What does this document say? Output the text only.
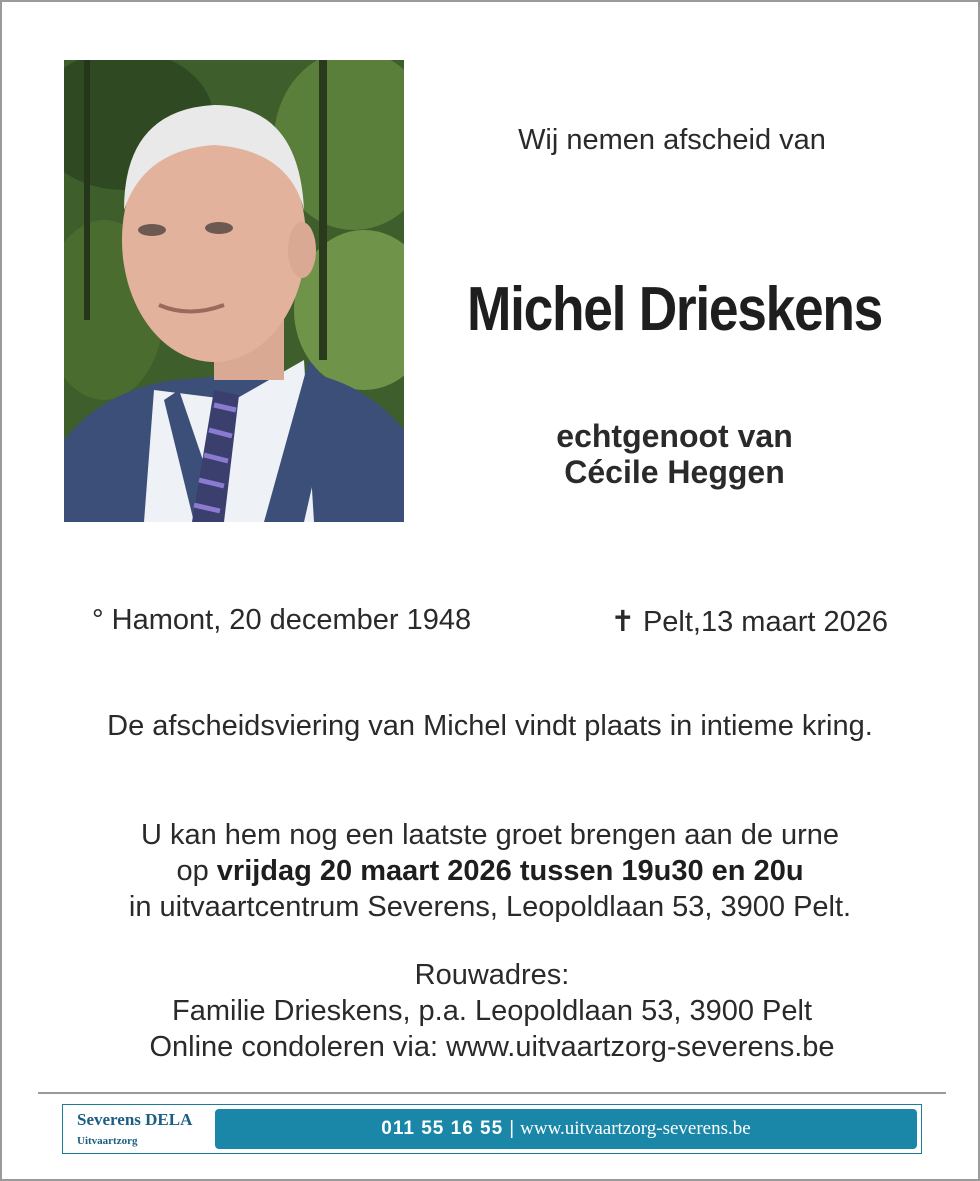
Wij nemen afscheid van
Michel Drieskens
echtgenoot van
Cécile Heggen
° Hamont, 20 december 1948	✝ Pelt,13 maart 2026
De afscheidsviering van Michel vindt plaats in intieme kring.
U kan hem nog een laatste groet brengen aan de urne
op vrijdag 20 maart 2026 tussen 19u30 en 20u
in uitvaartcentrum Severens, Leopoldlaan 53, 3900 Pelt.
Rouwadres:
Familie Drieskens, p.a. Leopoldlaan 53, 3900 Pelt
Online condoleren via: www.uitvaartzorg-severens.be
Severens DELA
Uitvaartzorg
011 55 16 55 | www.uitvaartzorg-severens.be
